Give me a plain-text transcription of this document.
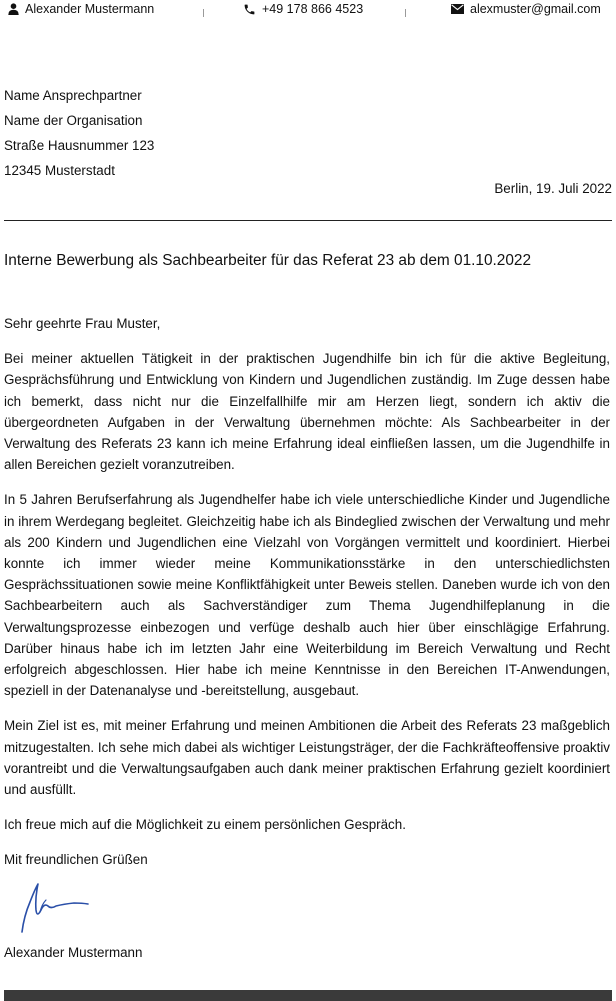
Alexander Mustermann	+49 178 866 4523	alexmuster@gmail.com
Name Ansprechpartner
Name der Organisation
Straße Hausnummer 123
12345 Musterstadt
Berlin, 19. Juli 2022
Interne Bewerbung als Sachbearbeiter für das Referat 23 ab dem 01.10.2022

Sehr geehrte Frau Muster,

Bei meiner aktuellen Tätigkeit in der praktischen Jugendhilfe bin ich für die aktive Begleitung, Gesprächsführung und Entwicklung von Kindern und Jugendlichen zuständig. Im Zuge dessen habe ich bemerkt, dass nicht nur die Einzelfallhilfe mir am Herzen liegt, sondern ich aktiv die übergeordneten Aufgaben in der Verwaltung übernehmen möchte: Als Sachbearbeiter in der Verwaltung des Referats 23 kann ich meine Erfahrung ideal einfließen lassen, um die Jugendhilfe in allen Bereichen gezielt voranzutreiben.

In 5 Jahren Berufserfahrung als Jugendhelfer habe ich viele unterschiedliche Kinder und Jugendliche in ihrem Werdegang begleitet. Gleichzeitig habe ich als Bindeglied zwischen der Verwaltung und mehr als 200 Kindern und Jugendlichen eine Vielzahl von Vorgängen vermittelt und koordiniert. Hierbei konnte ich immer wieder meine Kommunikationsstärke in den unterschiedlichsten Gesprächssituationen sowie meine Konfliktfähigkeit unter Beweis stellen. Daneben wurde ich von den Sachbearbeitern auch als Sachverständiger zum Thema Jugendhilfeplanung in die Verwaltungsprozesse einbezogen und verfüge deshalb auch hier über einschlägige Erfahrung. Darüber hinaus habe ich im letzten Jahr eine Weiterbildung im Bereich Verwaltung und Recht erfolgreich abgeschlossen. Hier habe ich meine Kenntnisse in den Bereichen IT-Anwendungen, speziell in der Datenanalyse und -bereitstellung, ausgebaut.

Mein Ziel ist es, mit meiner Erfahrung und meinen Ambitionen die Arbeit des Referats 23 maßgeblich mitzugestalten. Ich sehe mich dabei als wichtiger Leistungsträger, der die Fachkräfteoffensive proaktiv vorantreibt und die Verwaltungsaufgaben auch dank meiner praktischen Erfahrung gezielt koordiniert und ausfüllt.

Ich freue mich auf die Möglichkeit zu einem persönlichen Gespräch.

Mit freundlichen Grüßen

Alexander Mustermann
